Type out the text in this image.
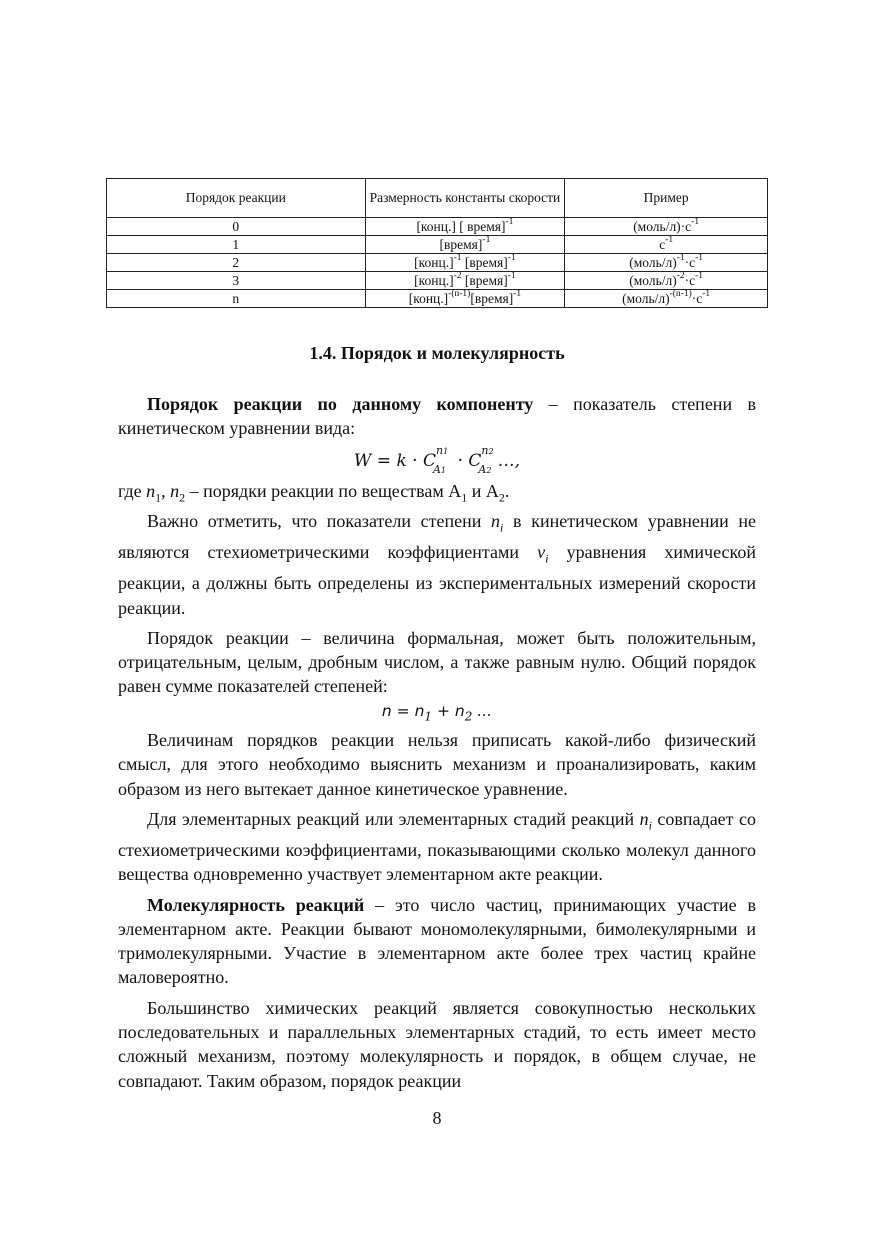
Порядок реакции	Размерность константы скорости	Пример
0	[конц.] [ время]$^{-1}$	$(моль/л)\cdot с^{-1}$
1	[время]$^{-1}$	$с^{-1}$
2	[конц.]$^{-1}$ [время]$^{-1}$	$(моль/л)^{-1}\cdot с^{-1}$
3	[конц.]$^{-2}$ [время]$^{-1}$	$(моль/л)^{-2}\cdot с^{-1}$
n	[конц.]$^{-(n-1)}$[время]$^{-1}$	$(моль/л)^{-(n-1)}\cdot с^{-1}$
1.4. Порядок и молекулярность

Порядок реакции по данному компоненту – показатель степени в кинетическом уравнении вида:

W = k · C
n1
A1 · C
n2
A2 …,

где $n_1$, $n_2$ – порядки реакции по веществам $А_1$ и $А_2$.

Важно отметить, что показатели степени $n_i$ в кинетическом уравнении не являются стехиометрическими коэффициентами $\nu_i$ уравнения химической реакции, а должны быть определены из экспериментальных измерений скорости реакции.

Порядок реакции – величина формальная, может быть положительным, отрицательным, целым, дробным числом, а также равным нулю. Общий порядок равен сумме показателей степеней:

$n = n_1 + n_2$ ...

Величинам порядков реакции нельзя приписать какой-либо физический смысл, для этого необходимо выяснить механизм и проанализировать, каким образом из него вытекает данное кинетическое уравнение.

Для элементарных реакций или элементарных стадий реакций $n_i$ совпадает со стехиометрическими коэффициентами, показывающими сколько молекул данного вещества одновременно участвует элементарном акте реакции.

Молекулярность реакций – это число частиц, принимающих участие в элементарном акте. Реакции бывают мономолекулярными, бимолекулярными и тримолекулярными. Участие в элементарном акте более трех частиц крайне маловероятно.

Большинство химических реакций является совокупностью нескольких последовательных и параллельных элементарных стадий, то есть имеет место сложный механизм, поэтому молекулярность и порядок, в общем случае, не совпадают. Таким образом, порядок реакции

8
